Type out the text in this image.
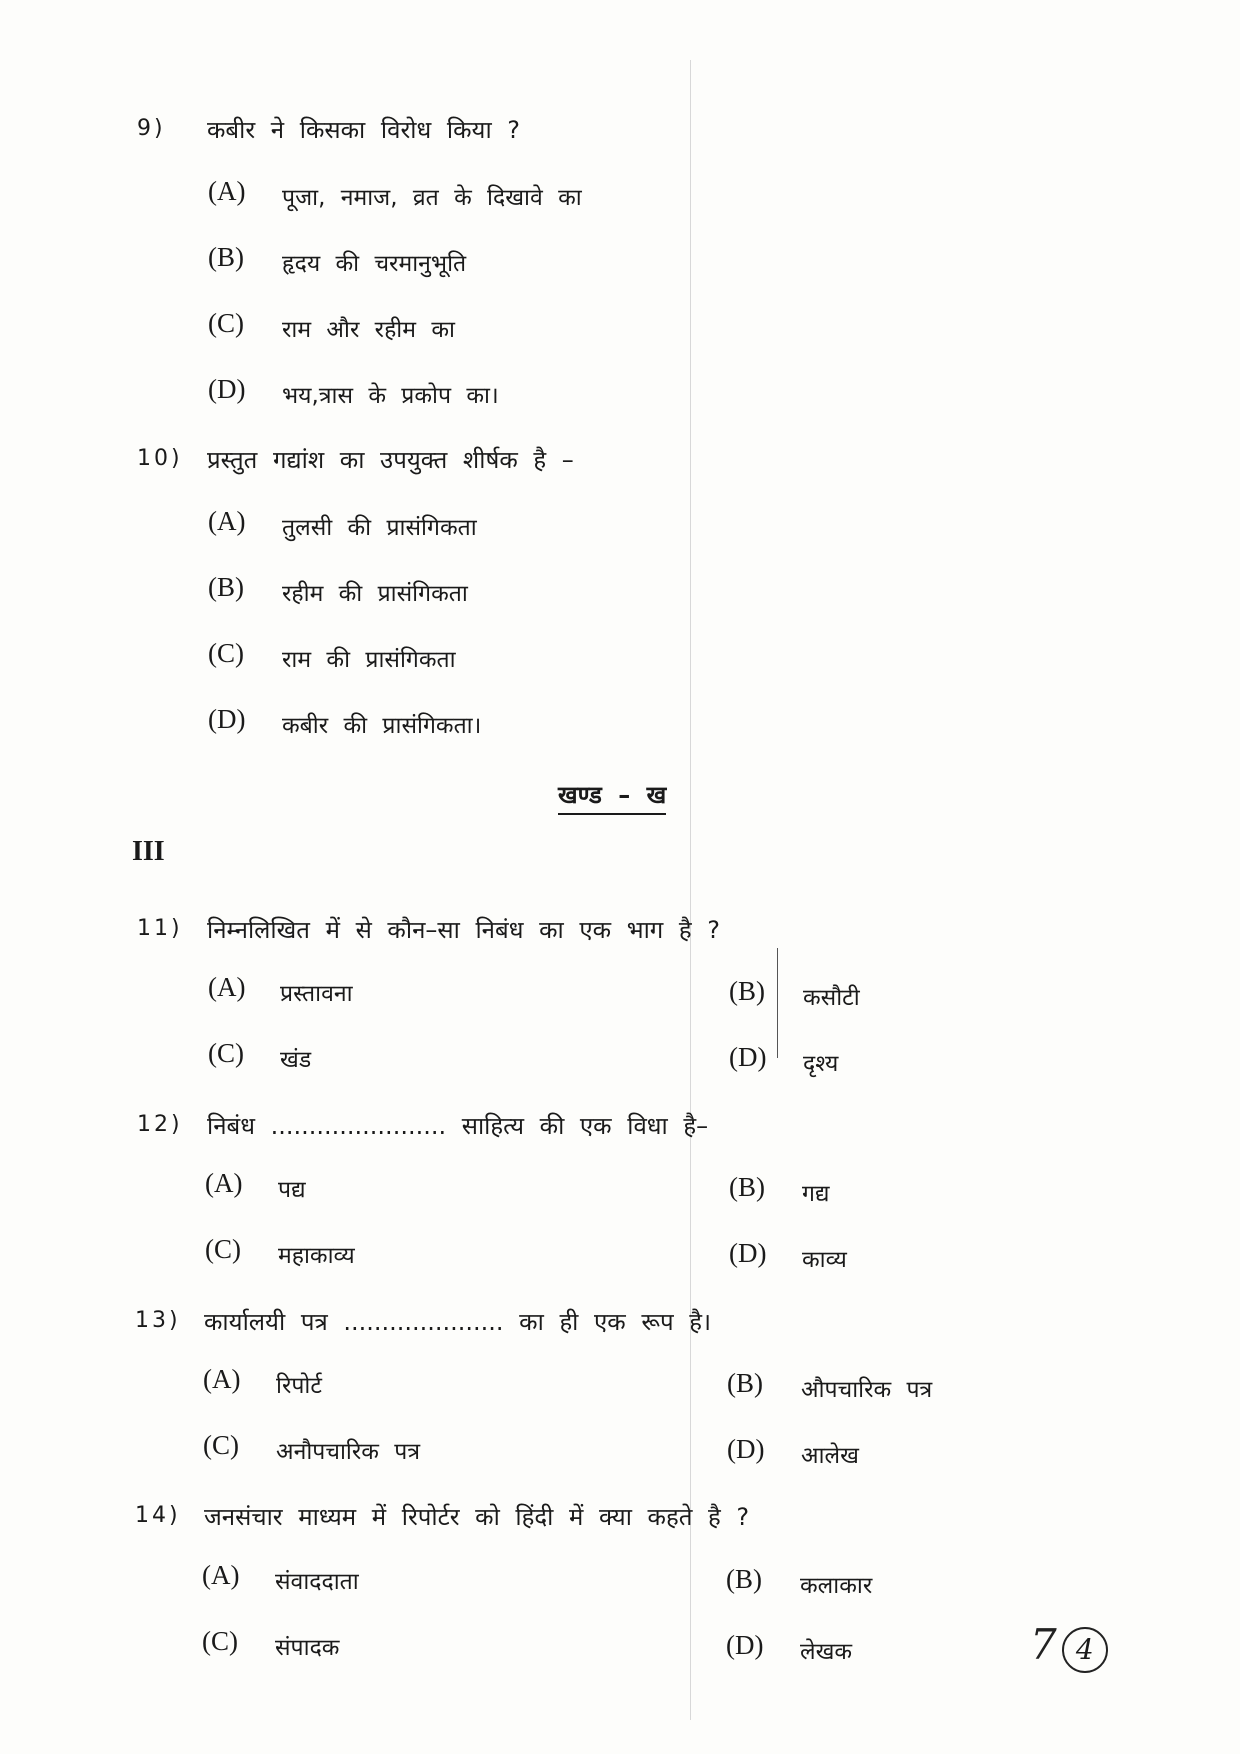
9) कबीर ने किसका विरोध किया ?
(A) पूजा, नमाज, व्रत के दिखावे का
(B) हृदय की चरमानुभूति
(C) राम और रहीम का
(D) भय,त्रास के प्रकोप का।
10) प्रस्तुत गद्यांश का उपयुक्त शीर्षक है –
(A) तुलसी की प्रासंगिकता
(B) रहीम की प्रासंगिकता
(C) राम की प्रासंगिकता
(D) कबीर की प्रासंगिकता।
खण्ड – ख
III
11) निम्नलिखित में से कौन–सा निबंध का एक भाग है ?
(A) प्रस्तावना	(B) कसौटी
(C) खंड	(D) दृश्य
12) निबंध ....................... साहित्य की एक विधा है–
(A) पद्य	(B) गद्य
(C) महाकाव्य	(D) काव्य
13) कार्यालयी पत्र ..................... का ही एक रूप है।
(A) रिपोर्ट	(B) औपचारिक पत्र
(C) अनौपचारिक पत्र	(D) आलेख
14) जनसंचार माध्यम में रिपोर्टर को हिंदी में क्या कहते है ?
(A) संवाददाता	(B) कलाकार
(C) संपादक	(D) लेखक	7 4
